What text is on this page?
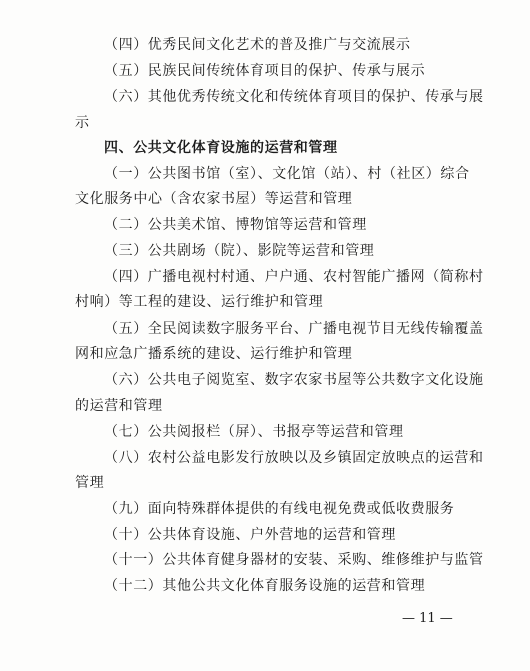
（四）优秀民间文化艺术的普及推广与交流展示
（五）民族民间传统体育项目的保护、传承与展示
（六）其他优秀传统文化和传统体育项目的保护、传承与展
示
四、公共文化体育设施的运营和管理
（一）公共图书馆（室）、文化馆（站）、村（社区）综合
文化服务中心（含农家书屋）等运营和管理
（二）公共美术馆、博物馆等运营和管理
（三）公共剧场（院）、影院等运营和管理
（四）广播电视村村通、户户通、农村智能广播网（简称村
村响）等工程的建设、运行维护和管理
（五）全民阅读数字服务平台、广播电视节目无线传输覆盖
网和应急广播系统的建设、运行维护和管理
（六）公共电子阅览室、数字农家书屋等公共数字文化设施
的运营和管理
（七）公共阅报栏（屏）、书报亭等运营和管理
（八）农村公益电影发行放映以及乡镇固定放映点的运营和
管理
（九）面向特殊群体提供的有线电视免费或低收费服务
（十）公共体育设施、户外营地的运营和管理
（十一）公共体育健身器材的安装、采购、维修维护与监管
（十二）其他公共文化体育服务设施的运营和管理
— 11 —
